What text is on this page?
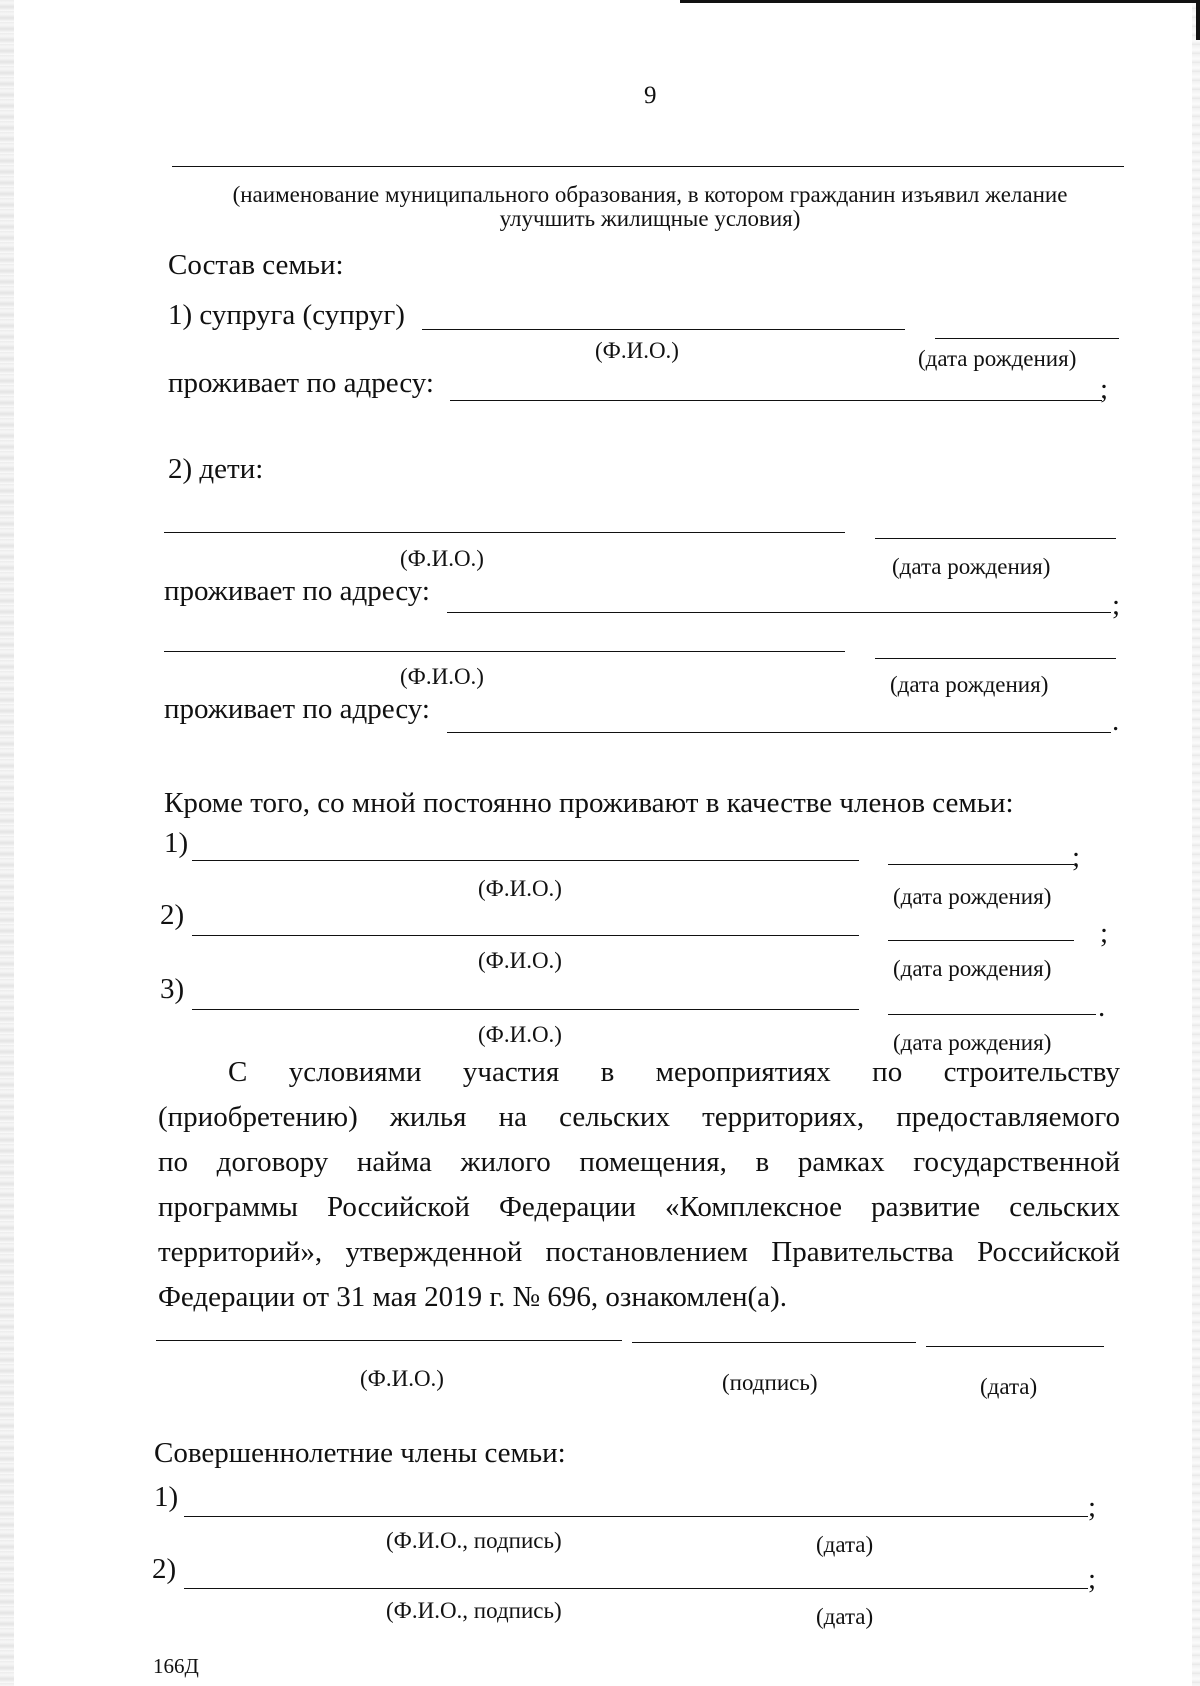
9
(наименование муниципального образования, в котором гражданин изъявил желание
улучшить жилищные условия)
Состав семьи:
1) супруга (супруг)
(Ф.И.О.)	(дата рождения)
проживает по адресу:	;
2) дети:
(Ф.И.О.)	(дата рождения)
проживает по адресу:	;
(Ф.И.О.)	(дата рождения)
проживает по адресу:	.
Кроме того, со мной постоянно проживают в качестве членов семьи:
1)	;
(Ф.И.О.)	(дата рождения)
2)
;
(Ф.И.О.)	(дата рождения)
3)
.
(Ф.И.О.)	(дата рождения)
С условиями участия в мероприятиях по строительству
(приобретению) жилья на сельских территориях, предоставляемого
по договору найма жилого помещения, в рамках государственной
программы Российской Федерации «Комплексное развитие сельских
территорий», утвержденной постановлением Правительства Российской
Федерации от 31 мая 2019 г. № 696, ознакомлен(а).
(Ф.И.О.)	(подпись)	(дата)
Совершеннолетние члены семьи:
1)	;
(Ф.И.О., подпись)	(дата)
2)	;
(Ф.И.О., подпись)	(дата)
166Д
